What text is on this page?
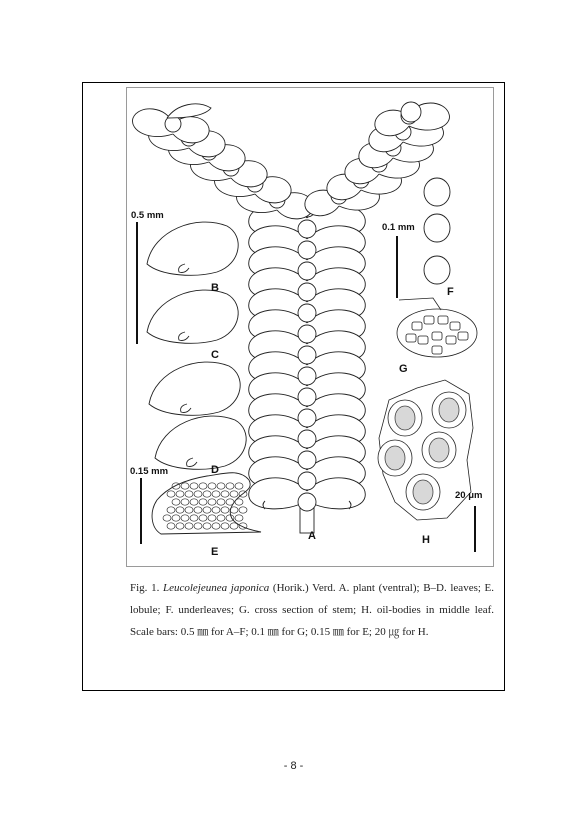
0.5 mm
0.1 mm
0.15 mm
20 μm
A
B
C
D
E
F
G
H
Fig. 1. Leucolejeunea japonica (Horik.) Verd. A. plant (ventral); B–D. leaves; E. lobule; F. underleaves; G. cross section of stem; H. oil-bodies in middle leaf. Scale bars: 0.5 ㎜ for A–F; 0.1 ㎜ for G; 0.15 ㎜ for E; 20 ㎍ for H.
- 8 -
